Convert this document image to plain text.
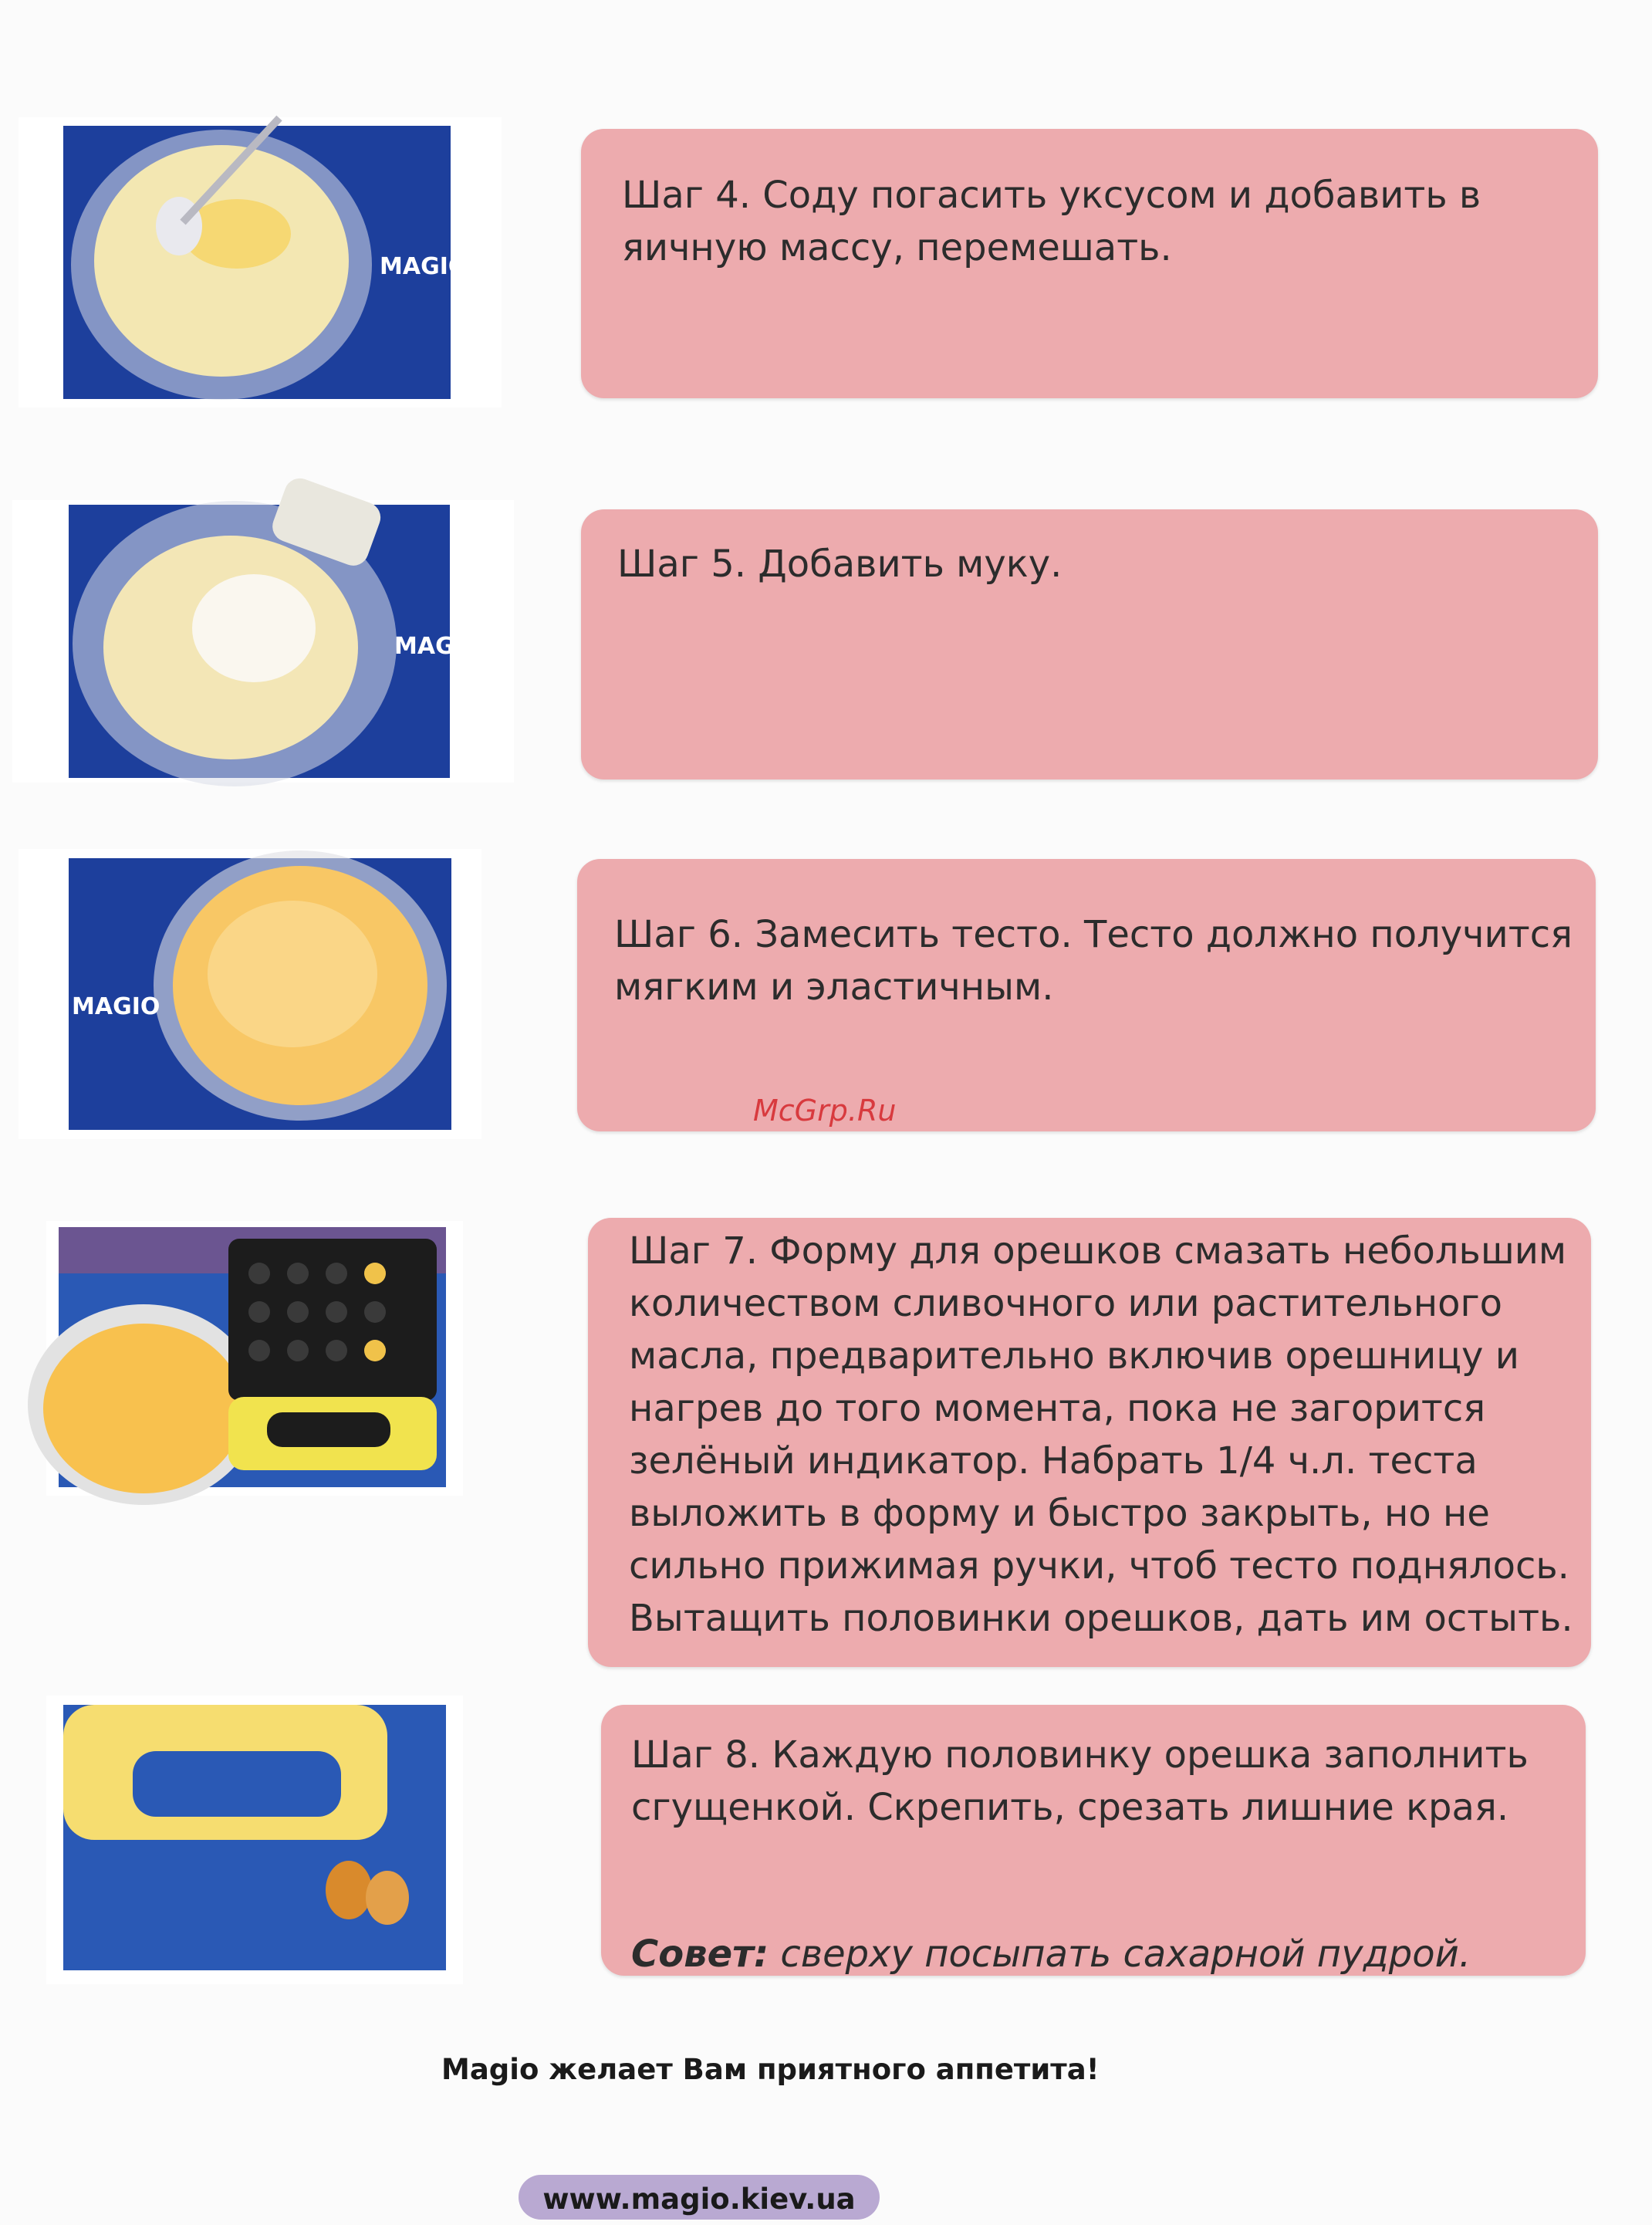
MAGIO
Шаг 4. Соду погасить уксусом и добавить в
яичную массу, перемешать.
MAGIO
Шаг 5. Добавить муку.
MAGIO
Шаг 6. Замесить тесто. Тесто должно получится
мягким и эластичным.
McGrp.Ru
Шаг 7. Форму для орешков смазать небольшим
количеством сливочного или растительного
масла, предварительно включив орешницу и
нагрев до того момента, пока не загорится
зелёный индикатор. Набрать 1/4 ч.л. теста
выложить в форму и быстро закрыть, но не
сильно прижимая ручки, чтоб тесто поднялось.
Вытащить половинки орешков, дать им остыть.
Шаг 8. Каждую половинку орешка заполнить
сгущенкой. Скрепить, срезать лишние края.

Совет: сверху посыпать сахарной пудрой.

Magio желает Вам приятного аппетита!
www.magio.kiev.ua
